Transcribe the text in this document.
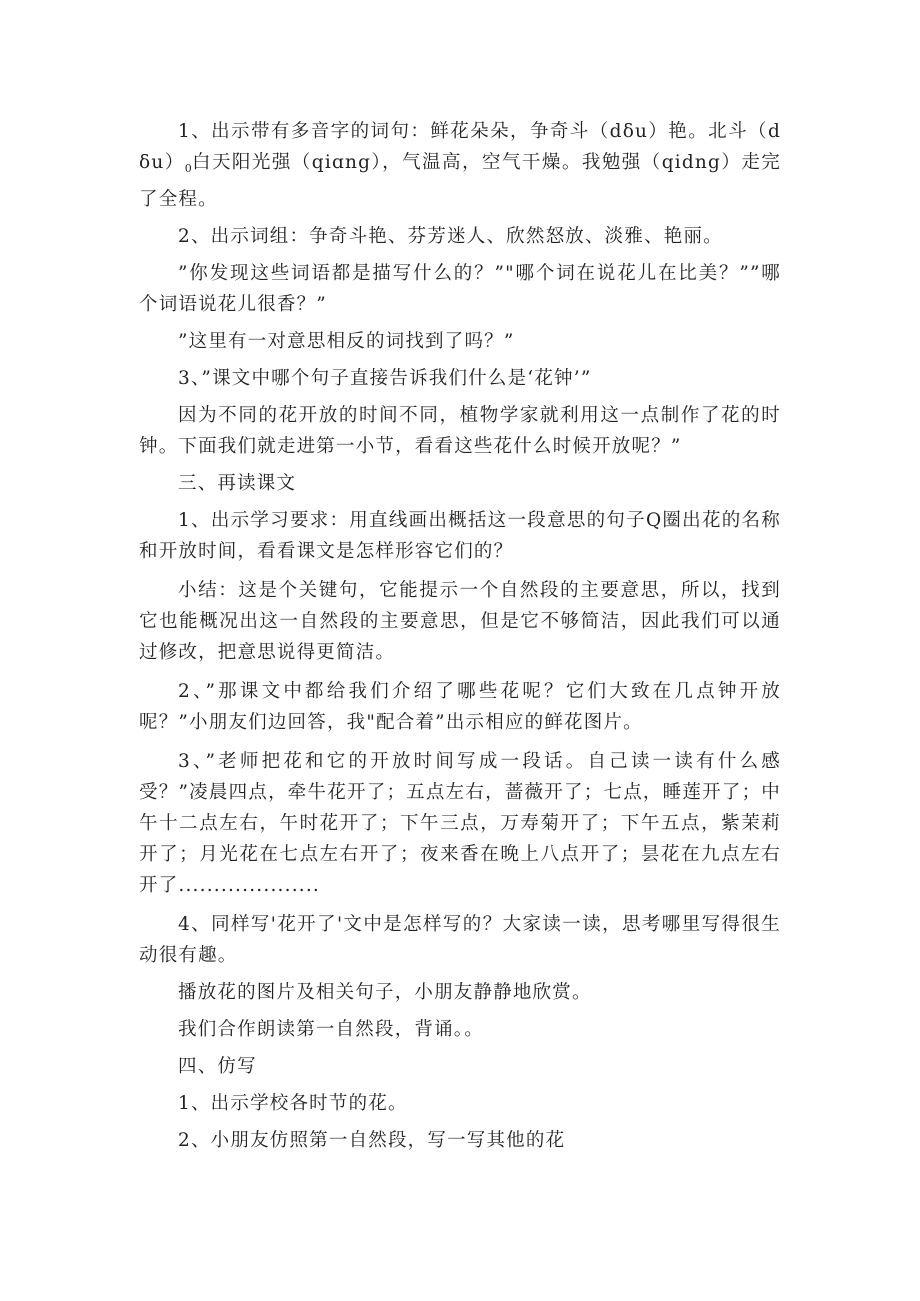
1、出示带有多音字的词句：鲜花朵朵，争奇斗（dδu）艳。北斗$(d\delta u)_0$白天阳光强（qiɑng），气温高，空气干燥。我勉强（qidng）走完了全程。

2、出示词组：争奇斗艳、芬芳迷人、欣然怒放、淡雅、艳丽。

”你发现这些词语都是描写什么的？”"哪个词在说花儿在比美？””哪个词语说花儿很香？”

”这里有一对意思相反的词找到了吗？”

3、”课文中哪个句子直接告诉我们什么是‘花钟’”

因为不同的花开放的时间不同，植物学家就利用这一点制作了花的时钟。下面我们就走进第一小节，看看这些花什么时候开放呢？”

三、再读课文

1、出示学习要求：用直线画出概括这一段意思的句子Q圈出花的名称和开放时间，看看课文是怎样形容它们的？

小结：这是个关键句，它能提示一个自然段的主要意思，所以，找到它也能概况出这一自然段的主要意思，但是它不够简洁，因此我们可以通过修改，把意思说得更简洁。

2、”那课文中都给我们介绍了哪些花呢？它们大致在几点钟开放呢？”小朋友们边回答，我"配合着”出示相应的鲜花图片。

3、”老师把花和它的开放时间写成一段话。自己读一读有什么感受？”凌晨四点，牵牛花开了；五点左右，蔷薇开了；七点，睡莲开了；中午十二点左右，午时花开了；下午三点，万寿菊开了；下午五点，紫茉莉开了；月光花在七点左右开了；夜来香在晚上八点开了；昙花在九点左右开了....................

4、同样写'花开了'文中是怎样写的？大家读一读，思考哪里写得很生动很有趣。

播放花的图片及相关句子，小朋友静静地欣赏。

我们合作朗读第一自然段，背诵。。

四、仿写

1、出示学校各时节的花。

2、小朋友仿照第一自然段，写一写其他的花
